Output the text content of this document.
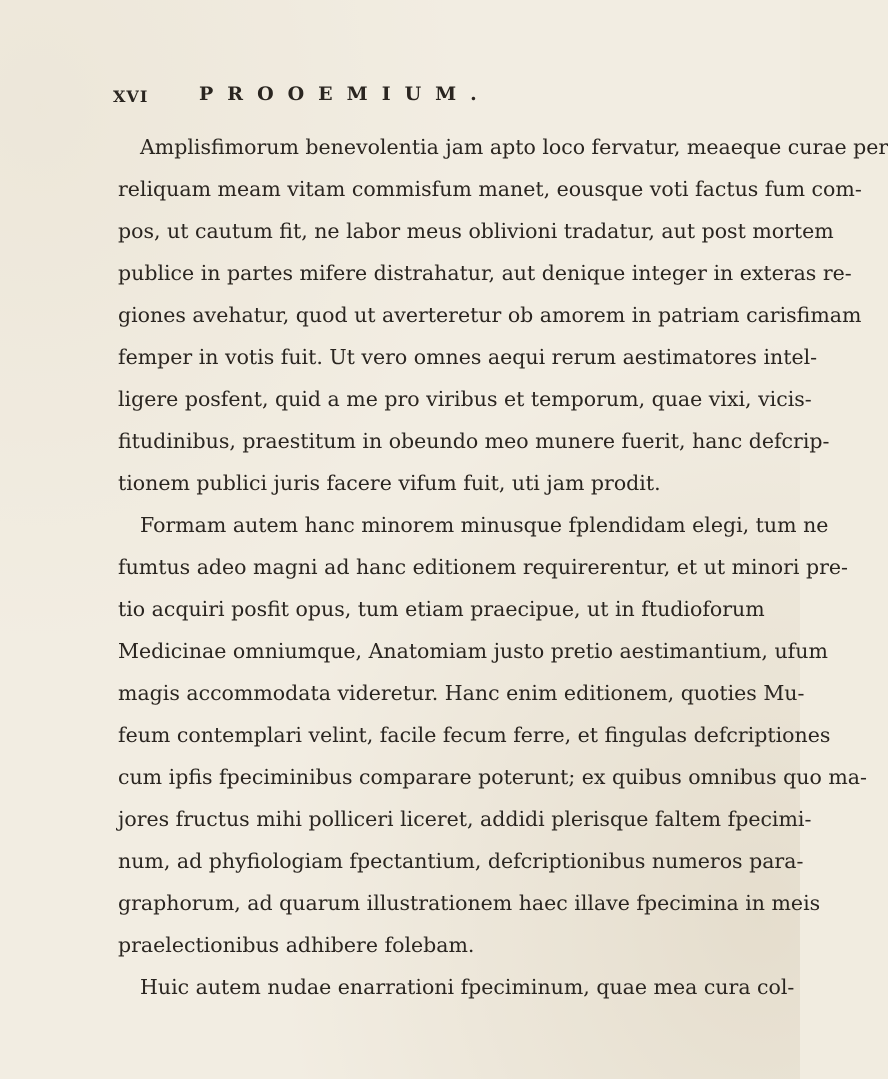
XVI	PROOEMIUM.
Amplisfimorum benevolentia jam apto loco fervatur, meaeque curae per
reliquam meam vitam commisfum manet, eousque voti factus fum com-
pos, ut cautum fit, ne labor meus oblivioni tradatur, aut post mortem
publice in partes mifere distrahatur, aut denique integer in exteras re-
giones avehatur, quod ut averteretur ob amorem in patriam carisfimam
femper in votis fuit. Ut vero omnes aequi rerum aestimatores intel-
ligere posfent, quid a me pro viribus et temporum, quae vixi, vicis-
fitudinibus, praestitum in obeundo meo munere fuerit, hanc defcrip-
tionem publici juris facere vifum fuit, uti jam prodit.
Formam autem hanc minorem minusque fplendidam elegi, tum ne
fumtus adeo magni ad hanc editionem requirerentur, et ut minori pre-
tio acquiri posfit opus, tum etiam praecipue, ut in ftudioforum
Medicinae omniumque, Anatomiam justo pretio aestimantium, ufum
magis accommodata videretur. Hanc enim editionem, quoties Mu-
feum contemplari velint, facile fecum ferre, et fingulas defcriptiones
cum ipfis fpeciminibus comparare poterunt; ex quibus omnibus quo ma-
jores fructus mihi polliceri liceret, addidi plerisque faltem fpecimi-
num, ad phyfiologiam fpectantium, defcriptionibus numeros para-
graphorum, ad quarum illustrationem haec illave fpecimina in meis
praelectionibus adhibere folebam.
Huic autem nudae enarrationi fpeciminum, quae mea cura col-
